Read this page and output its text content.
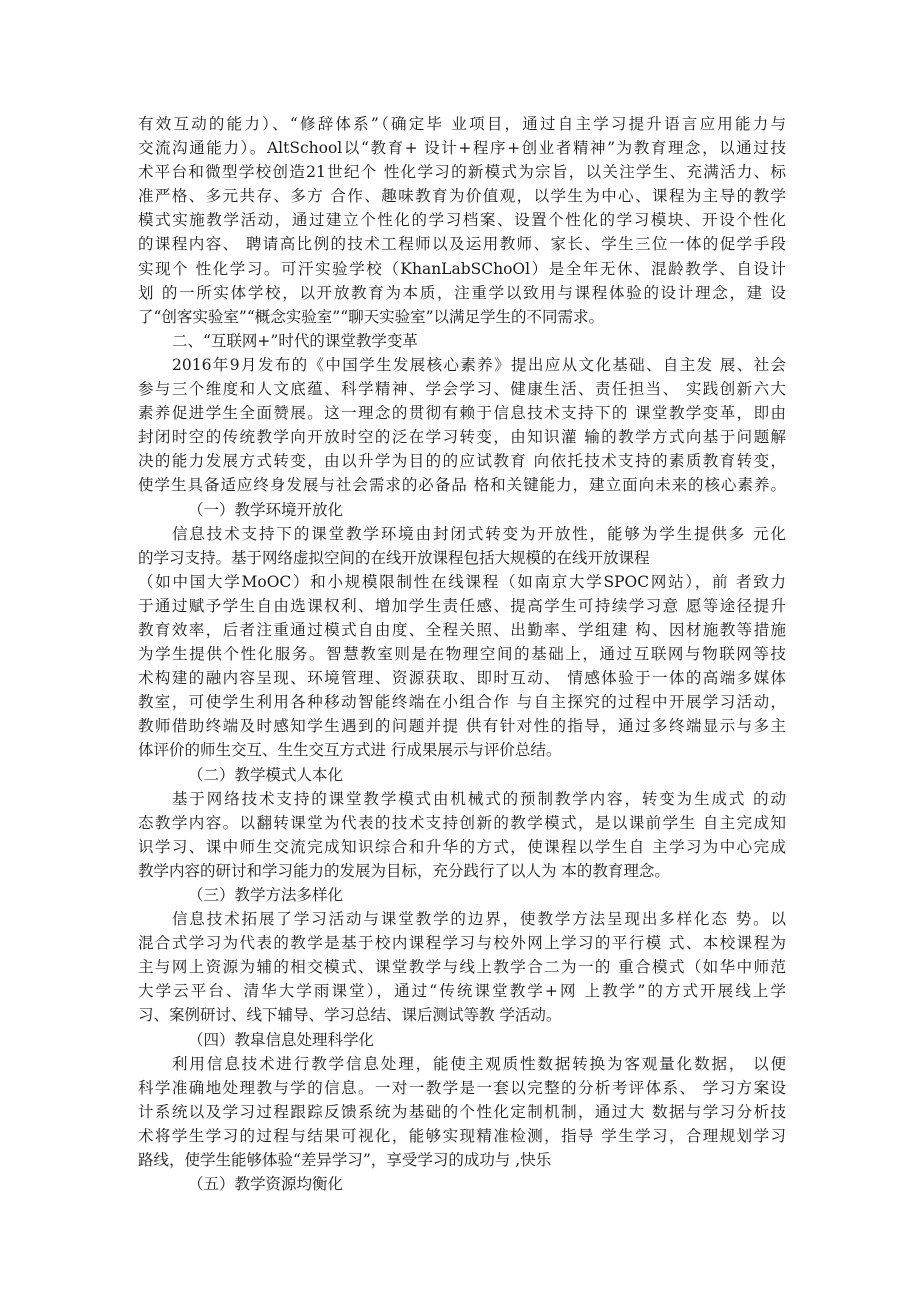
有效互动的能力）、“修辞体系”（确定毕 业项目，通过自主学习提升语言应用能力与
交流沟通能力）。AltSchool以“教育+ 设计+程序+创业者精神”为教育理念，以通过技
术平台和微型学校创造21世纪个 性化学习的新模式为宗旨，以关注学生、充满活力、标
准严格、多元共存、多方 合作、趣味教育为价值观，以学生为中心、课程为主导的教学
模式实施教学活动，通过建立个性化的学习档案、设置个性化的学习模块、开设个性化
的课程内容、 聘请高比例的技术工程师以及运用教师、家长、学生三位一体的促学手段
实现个 性化学习。可汗实验学校（KhanLabSChoOl）是全年无休、混龄教学、自设计
划 的一所实体学校，以开放教育为本质，注重学以致用与课程体验的设计理念，建 设
了“创客实验室”“概念实验室”“聊天实验室”以满足学生的不同需求。
二、“互联网+”时代的课堂教学变革
2016年9月发布的《中国学生发展核心素养》提出应从文化基础、自主发 展、社会
参与三个维度和人文底蕴、科学精神、学会学习、健康生活、责任担当、 实践创新六大
素养促进学生全面赞展。这一理念的贯彻有赖于信息技术支持下的 课堂教学变革，即由
封闭时空的传统教学向开放时空的泛在学习转变，由知识灌 输的教学方式向基于问题解
决的能力发展方式转变，由以升学为目的的应试教育 向依托技术支持的素质教育转变，
使学生具备适应终身发展与社会需求的必备品 格和关键能力，建立面向未来的核心素养。
（一）教学环境开放化
信息技术支持下的课堂教学环境由封闭式转变为开放性，能够为学生提供多 元化
的学习支持。基于网络虚拟空间的在线开放课程包括大规模的在线开放课程
（如中国大学MoOC）和小规模限制性在线课程（如南京大学SPOC网站），前 者致力
于通过赋予学生自由选课权利、增加学生责任感、提高学生可持续学习意 愿等途径提升
教育效率，后者注重通过模式自由度、全程关照、出勤率、学组建 构、因材施教等措施
为学生提供个性化服务。智慧教室则是在物理空间的基础上，通过互联网与物联网等技
术构建的融内容呈现、环境管理、资源获取、即时互动、 情感体验于一体的高端多媒体
教室，可使学生利用各种移动智能终端在小组合作 与自主探究的过程中开展学习活动，
教师借助终端及时感知学生遇到的问题并提 供有针对性的指导，通过多终端显示与多主
体评价的师生交互、生生交互方式进 行成果展示与评价总结。
（二）教学模式人本化
基于网络技术支持的课堂教学模式由机械式的预制教学内容，转变为生成式 的动
态教学内容。以翻转课堂为代表的技术支持创新的教学模式，是以课前学生 自主完成知
识学习、课中师生交流完成知识综合和升华的方式，使课程以学生自 主学习为中心完成
教学内容的研讨和学习能力的发展为目标，充分践行了以人为 本的教育理念。
（三）教学方法多样化
信息技术拓展了学习活动与课堂教学的边界，使教学方法呈现出多样化态 势。以
混合式学习为代表的教学是基于校内课程学习与校外网上学习的平行模 式、本校课程为
主与网上资源为辅的相交模式、课堂教学与线上教学合二为一的 重合模式（如华中师范
大学云平台、清华大学雨课堂），通过“传统课堂教学+网 上教学”的方式开展线上学
习、案例研讨、线下辅导、学习总结、课后测试等教 学活动。
（四）教皐信息处理科学化
利用信息技术进行教学信息处理，能使主观质性数据转换为客观量化数据， 以便
科学准确地处理教与学的信息。一对一教学是一套以完整的分析考评体系、 学习方案设
计系统以及学习过程跟踪反馈系统为基础的个性化定制机制，通过大 数据与学习分析技
术将学生学习的过程与结果可视化，能够实现精准检测，指导 学生学习，合理规划学习
路线，使学生能够体验“差异学习”，享受学习的成功与 ,快乐
（五）教学资源均衡化
